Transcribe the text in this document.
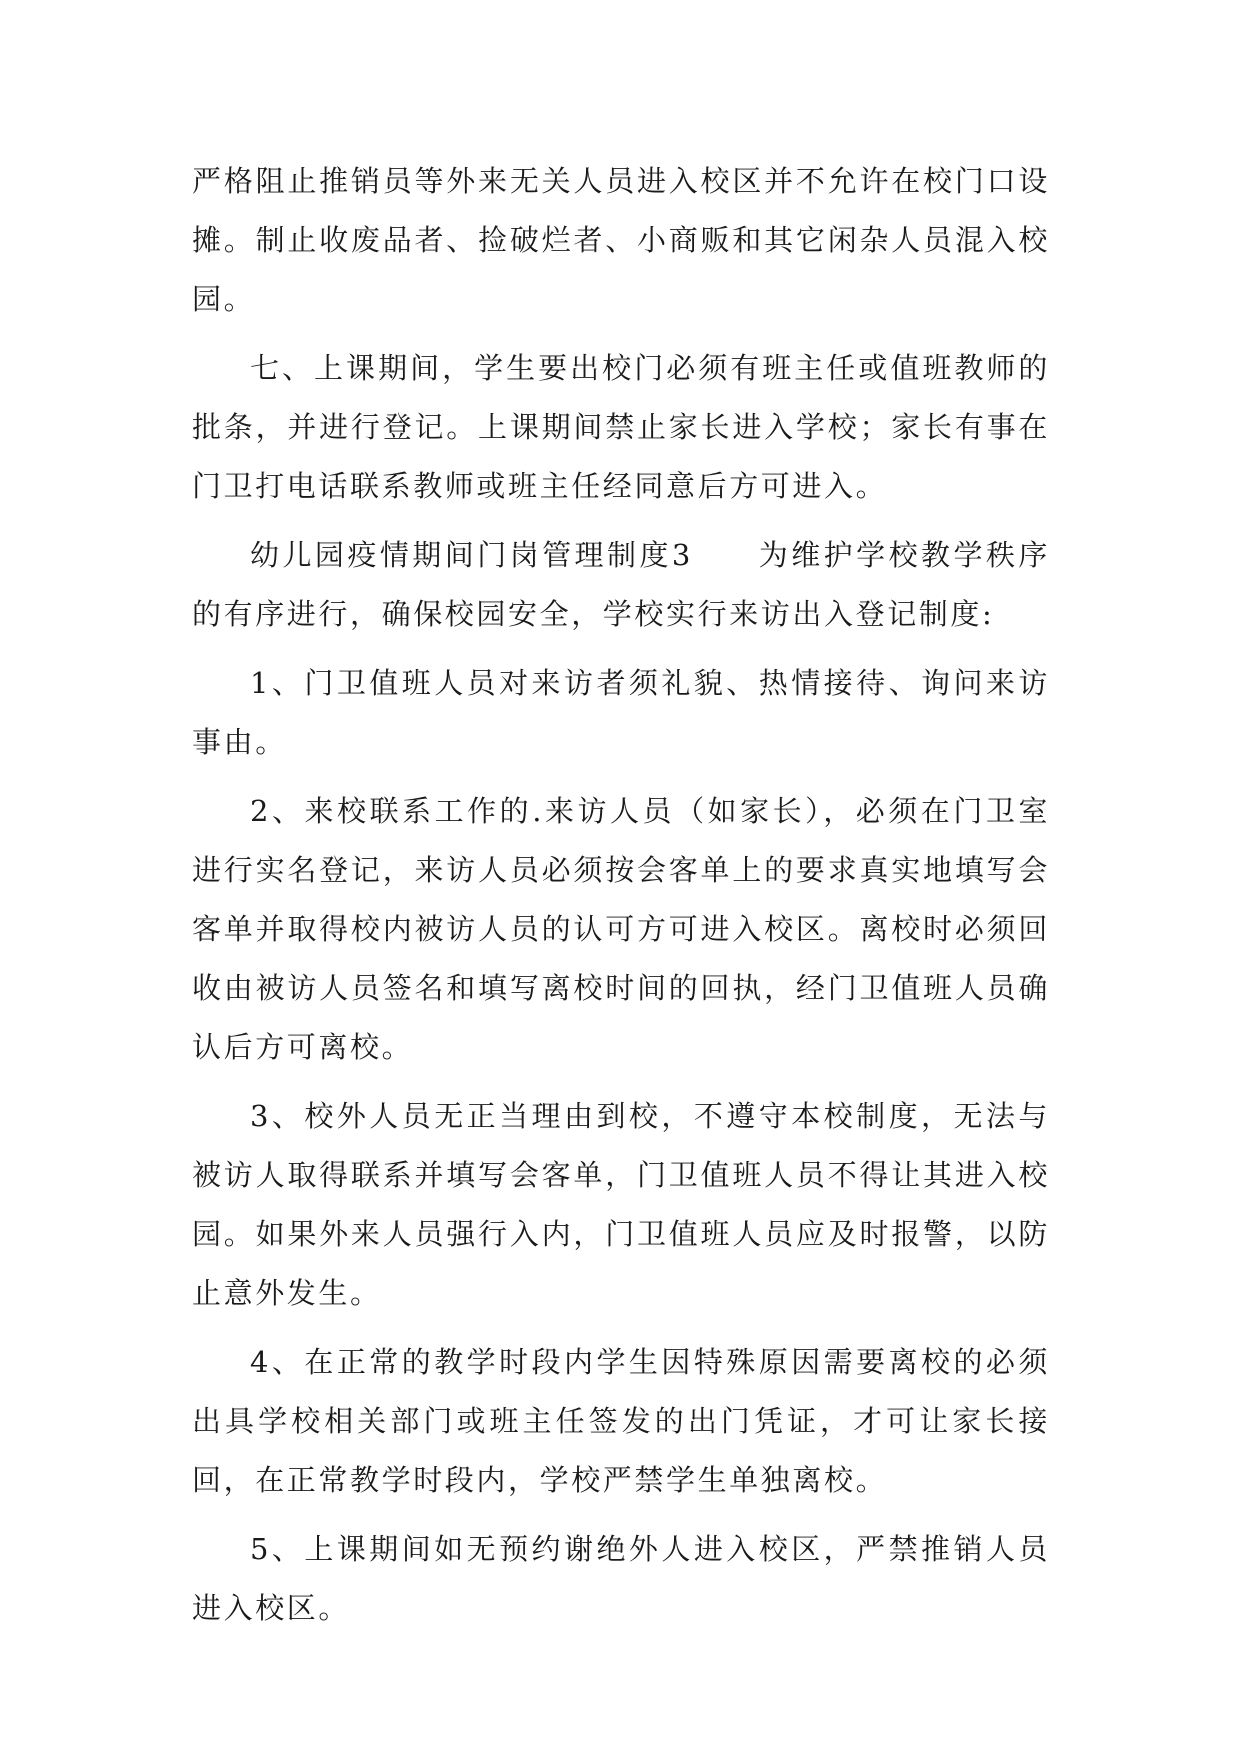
严格阻止推销员等外来无关人员进入校区并不允许在校门口设摊。制止收废品者、捡破烂者、小商贩和其它闲杂人员混入校园。

七、上课期间，学生要出校门必须有班主任或值班教师的批条，并进行登记。上课期间禁止家长进入学校；家长有事在门卫打电话联系教师或班主任经同意后方可进入。

幼儿园疫情期间门岗管理制度3　　为维护学校教学秩序的有序进行，确保校园安全，学校实行来访出入登记制度:

1、门卫值班人员对来访者须礼貌、热情接待、询问来访事由。

2、来校联系工作的.来访人员（如家长），必须在门卫室进行实名登记，来访人员必须按会客单上的要求真实地填写会客单并取得校内被访人员的认可方可进入校区。离校时必须回收由被访人员签名和填写离校时间的回执，经门卫值班人员确认后方可离校。

3、校外人员无正当理由到校，不遵守本校制度，无法与被访人取得联系并填写会客单，门卫值班人员不得让其进入校园。如果外来人员强行入内，门卫值班人员应及时报警，以防止意外发生。

4、在正常的教学时段内学生因特殊原因需要离校的必须出具学校相关部门或班主任签发的出门凭证，才可让家长接回，在正常教学时段内，学校严禁学生单独离校。

5、上课期间如无预约谢绝外人进入校区，严禁推销人员进入校区。
